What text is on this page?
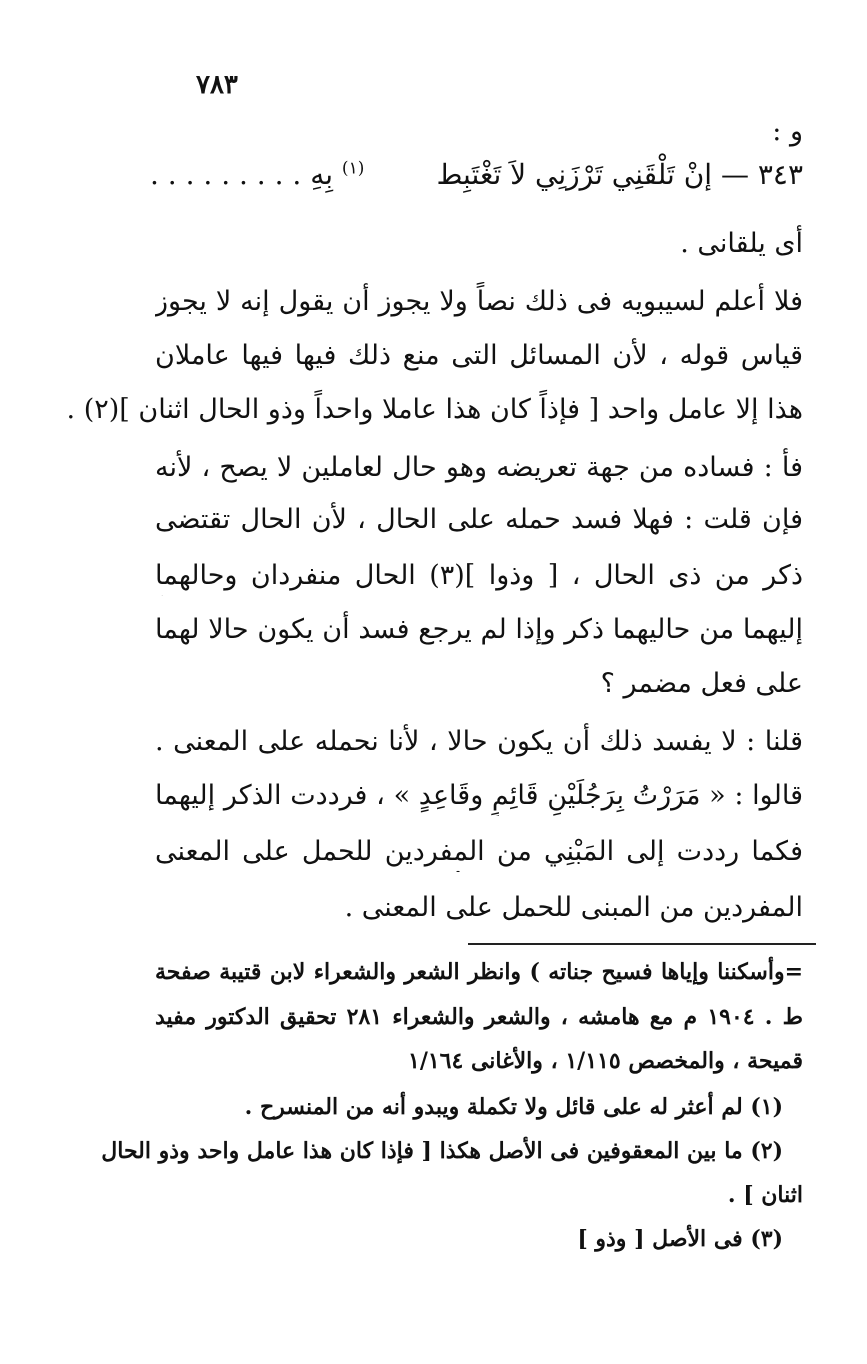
٧٨٣
و :
٣٤٣ — إنْ تَلْقَنِي تَرْزَنِي لاَ تَغْتَبِط
$^{(١)}$ بِهِ . . . . . . . . .
أى يلقانى .
فلا أعلم لسيبويه فى ذلك نصاً ولا يجوز أن يقول إنه لا يجوز
قياس قوله ، لأن المسائل التى منع ذلك فيها فيها عاملان
هذا إلا عامل واحد [ فإذاً كان هذا عاملا واحداً وذو الحال اثنان ](٢) .
فأ : فساده من جهة تعريضه وهو حال لعاملين لا يصح ، لأنه
فإن قلت : فهلا فسد حمله على الحال ، لأن الحال تقتضى
ذكر من ذى الحال ، [ وذوا ](٣) الحال منفردان وحالهما
إليهما من حاليهما ذكر وإذا لم يرجع فسد أن يكون حالا لهما
على فعل مضمر ؟
قلنا : لا يفسد ذلك أن يكون حالا ، لأنا نحمله على المعنى .
قالوا : « مَرَرْتُ بِرَجُلَيْنِ قَائِمٍ وقَاعِدٍ » ، فرددت الذكر إليهما
فكما رددت إلى المَبْنِي من المفردين للحمل على المعنى
المفردين من المبنى للحمل على المعنى .
=وأسكننا وإياها فسيح جناته ) وانظر الشعر والشعراء لابن قتيبة صفحة
ط . ١٩٠٤ م مع هامشه ، والشعر والشعراء ٢٨١ تحقيق الدكتور مفيد
قميحة ، والمخصص ١/١١٥ ، والأغانى ١/١٦٤
(١) لم أعثر له على قائل ولا تكملة ويبدو أنه من المنسرح .
(٢) ما بين المعقوفين فى الأصل هكذا [ فإذا كان هذا عامل واحد وذو الحال
اثنان ] .
(٣) فى الأصل [ وذو ]
